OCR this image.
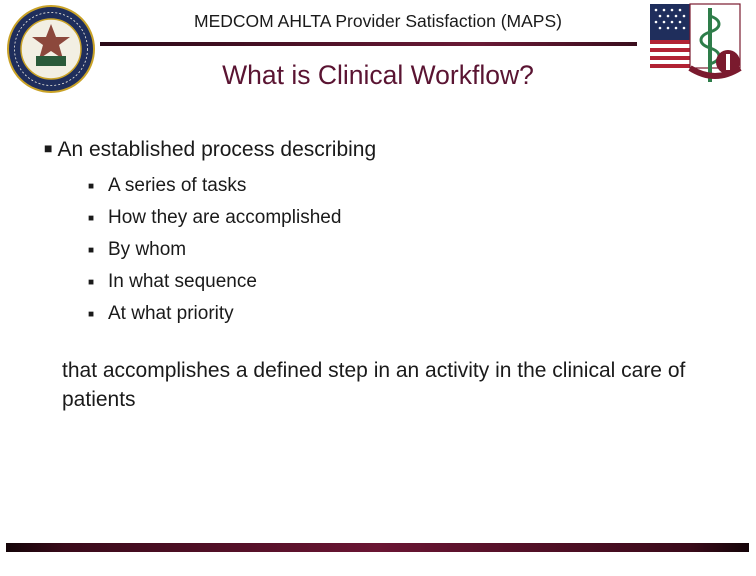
MEDCOM AHLTA Provider Satisfaction (MAPS)
What is Clinical Workflow?
■ An established process describing
■ A series of tasks
■ How they are accomplished
■ By whom
■ In what sequence
■ At what priority

that accomplishes a defined step in an activity in the clinical care of patients
